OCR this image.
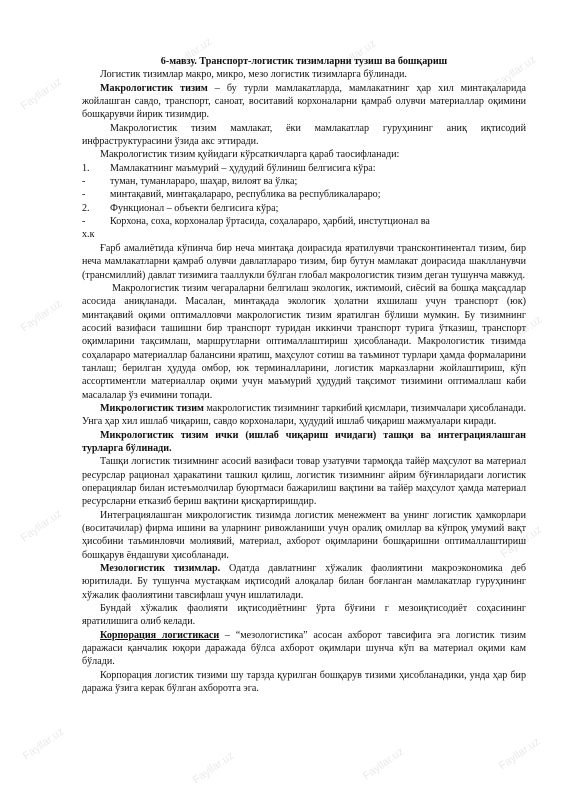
Fayllar.uz
Fayllar.uz	Fayllar.uz	Fayllar.uz
Fayllar.uz	Fayllar.uz
Fayllar.uz	Fayllar.uz
Fayllar.uz
Fayllar.uz	Fayllar.uz	Fayllar.uz

6-мавзу. Транспорт-логистик тизимларни тузиш ва бошқариш

Логистик тизимлар макро, микро, мезо логистик тизимларга бўлинади.

Макрологистик тизим – бу турли мамлакатларда, мамлакатнинг ҳар хил минтақаларида жойлашган савдо, транспорт, саноат, воситавий корхоналарни қамраб олувчи материаллар оқимини бошқарувчи йирик тизимдир.

Макрологистик тизим мамлакат, ёки мамлакатлар гуруҳининг аниқ иқтисодий инфраструктурасини ўзида акс эттиради.

Макрологистик тизим қуйидаги кўрсаткичларга қараб таосифланади:

1.	Мамлакатнинг маъмурий – ҳудудий бўлиниш белгисига кўра:
-	туман, туманлараро, шаҳар, вилоят ва ўлка;
-	минтақавий, минтақалараро, республика ва республикалараро;
2.	Функционал – объекти белгисига кўра;
-	Корхона, соха, корхоналар ўртасида, соҳалараро, ҳарбий, инстутционал ва

х.к

Ғарб амалиётида кўпинча бир неча минтақа доирасида яратилувчи трансконтинентал тизим, бир неча мамлакатларни қамраб олувчи давлатлараро тизим, бир бутун мамлакат доирасида шаклланувчи (трансмиллий) давлат тизимига тааллукли бўлган глобал макрологистик тизим деган тушунча мавжуд.

Макрологистик тизим чегараларни белгилаш экологик, ижтимоий, сиёсий ва бошқа мақсадлар асосида аниқланади. Масалан, минтақада экологик ҳолатни яхшилаш учун транспорт (юк) минтақавий оқими оптималловчи макрологистик тизим яратилган бўлиши мумкин. Бу тизимнинг асосий вазифаси ташишни бир транспорт туридан иккинчи транспорт турига ўтказиш, транспорт оқимларини тақсимлаш, маршрутларни оптималлаштириш ҳисобланади. Макрологистик тизимда соҳалараро материаллар балансини яратиш, маҳсулот сотиш ва таъминот турлари ҳамда формаларини танлаш; берилган ҳудуда омбор, юк терминалларини, логистик марказларни жойлаштириш, кўп ассортиментли материаллар оқими учун маъмурий ҳудудий тақсимот тизимини оптималлаш каби масалалар ўз ечимини топади.

Микрологистик тизим макрологистик тизимнинг таркибий қисмлари, тизимчалари ҳисобланади. Унга ҳар хил ишлаб чиқариш, савдо корхоналари, ҳудудий ишлаб чиқариш мажмуалари киради.

Микрологистик тизим ички (ишлаб чиқариш ичидаги) ташқи ва интеграциялашган турларга бўлинади.

Ташқи логистик тизимнинг асосий вазифаси товар узатувчи тармоқда тайёр маҳсулот ва материал ресурслар рационал ҳаракатини ташкил қилиш, логистик тизимнинг айрим бўғинларидаги логистик операциялар билан истеъмолчилар буюртмаси бажарилиш вақтини ва тайёр маҳсулот ҳамда материал ресурсларни етказиб бериш вақтини қисқартиришдир.

Интеграциялашган микрологистик тизимда логистик менежмент ва унинг логистик ҳамкорлари (воситачилар) фирма ишини ва уларнинг ривожланиши учун оралиқ омиллар ва кўпроқ умумий вақт ҳисобини таъминловчи молиявий, материал, ахборот оқимларини бошқаришни оптималлаштириш бошқарув ёндашуви ҳисобланади.

Мезологистик тизимлар. Одатда давлатнинг хўжалик фаолиятини макроэкономика деб юритилади. Бу тушунча мустақкам иқтисодий алоқалар билан боғланган мамлакатлар гуруҳининг хўжалик фаолиятини тавсифлаш учун ишлатилади.

Бундай хўжалик фаолияти иқтисодиётнинг ўрта бўғини г мезоиқтисодиёт соҳасининг яратилишига олиб келади.

Корпорация логистикаси – “мезологистика” асосан ахборот тавсифига эга логистик тизим даражаси қанчалик юқори даражада бўлса ахборот оқимлари шунча кўп ва материал оқими кам бўлади.

Корпорация логистик тизими шу тарзда қурилган бошқарув тизими ҳисобланадики, унда ҳар бир даража ўзига керак бўлган ахборотга эга.
